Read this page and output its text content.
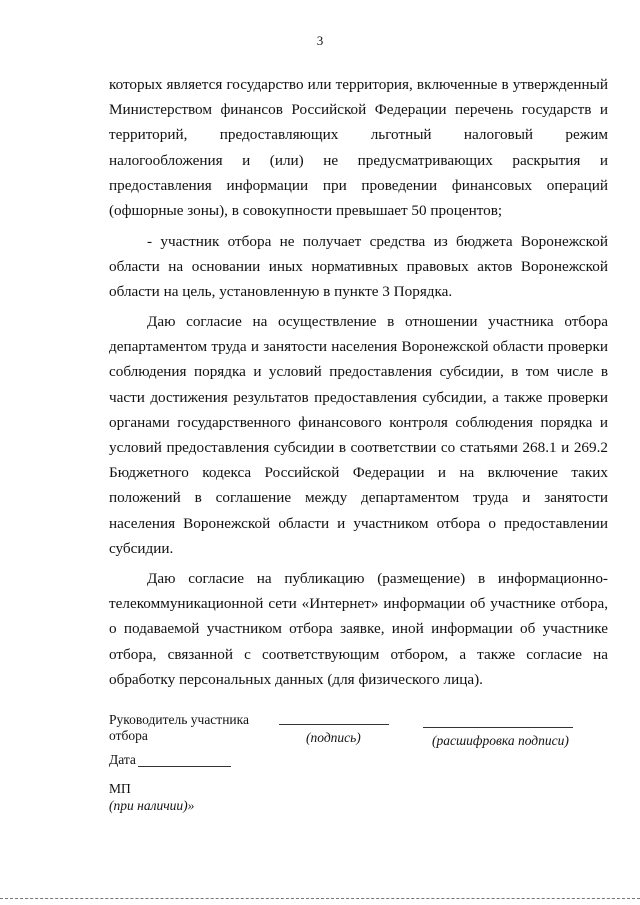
3
которых является государство или территория, включенные в утвержденный
Министерством финансов Российской Федерации перечень государств и
территорий, предоставляющих льготный налоговый режим
налогообложения и (или) не предусматривающих раскрытия и
предоставления информации при проведении финансовых операций
(офшорные зоны), в совокупности превышает 50 процентов;
- участник отбора не получает средства из бюджета Воронежской
области на основании иных нормативных правовых актов Воронежской
области на цель, установленную в пункте 3 Порядка.
Даю согласие на осуществление в отношении участника отбора
департаментом труда и занятости населения Воронежской области проверки
соблюдения порядка и условий предоставления субсидии, в том числе в
части достижения результатов предоставления субсидии, а также проверки
органами государственного финансового контроля соблюдения порядка и
условий предоставления субсидии в соответствии со статьями 268.1 и 269.2
Бюджетного кодекса Российской Федерации и на включение таких
положений в соглашение между департаментом труда и занятости
населения Воронежской области и участником отбора о предоставлении
субсидии.
Даю согласие на публикацию (размещение) в информационно-
телекоммуникационной сети «Интернет» информации об участнике отбора,
о подаваемой участником отбора заявке, иной информации об участнике
отбора, связанной с соответствующим отбором, а также согласие на
обработку персональных данных (для физического лица).
Руководитель участника
отбора	(подпись)	(расшифровка подписи)
Дата
МП
(при наличии)»
